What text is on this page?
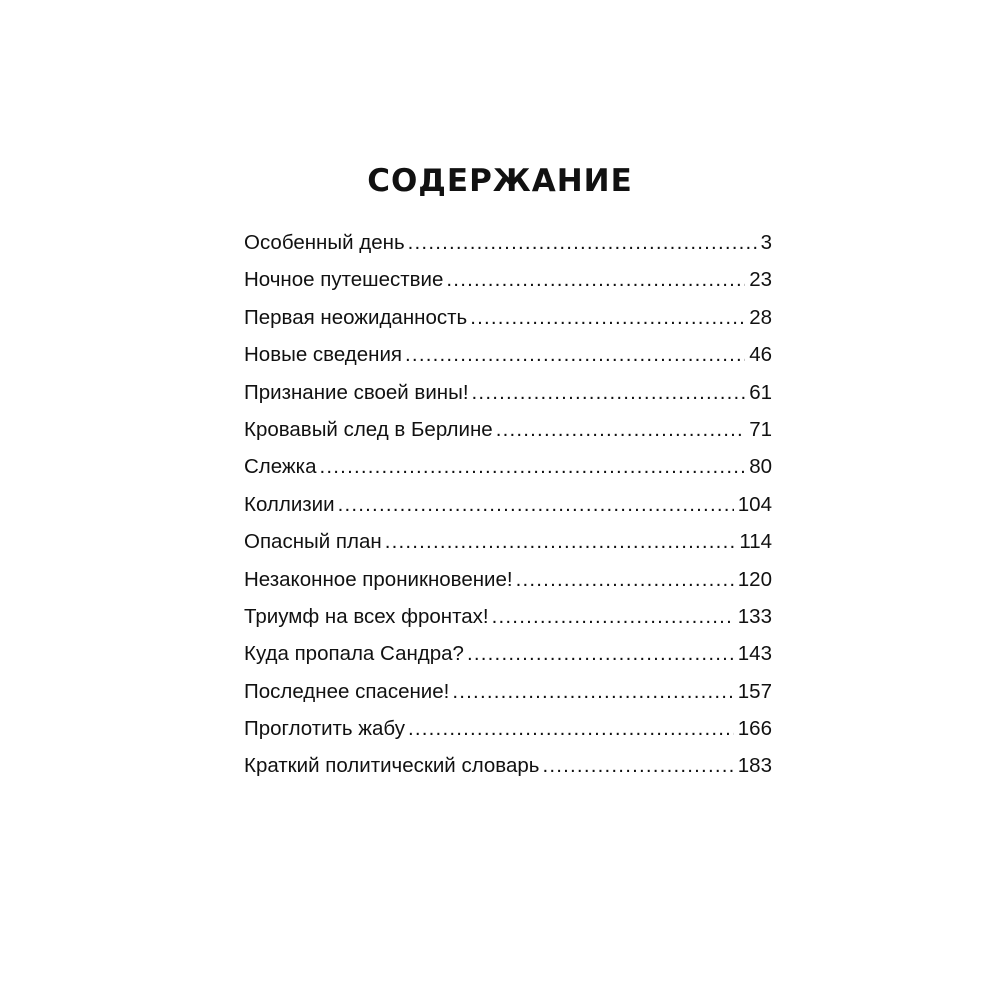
СОДЕРЖАНИЕ
Особенный день .....	3
Ночное путешествие .....	23
Первая неожиданность .....	28
Новые сведения .....	46
Признание своей вины! .....	61
Кровавый след в Берлине .....	71
Слежка .....	80
Коллизии .....	104
Опасный план .....	114
Незаконное проникновение! .....	120
Триумф на всех фронтах! .....	133
Куда пропала Сандра? .....	143
Последнее спасение! .....	157
Проглотить жабу .....	166
Краткий политический словарь .....	183
